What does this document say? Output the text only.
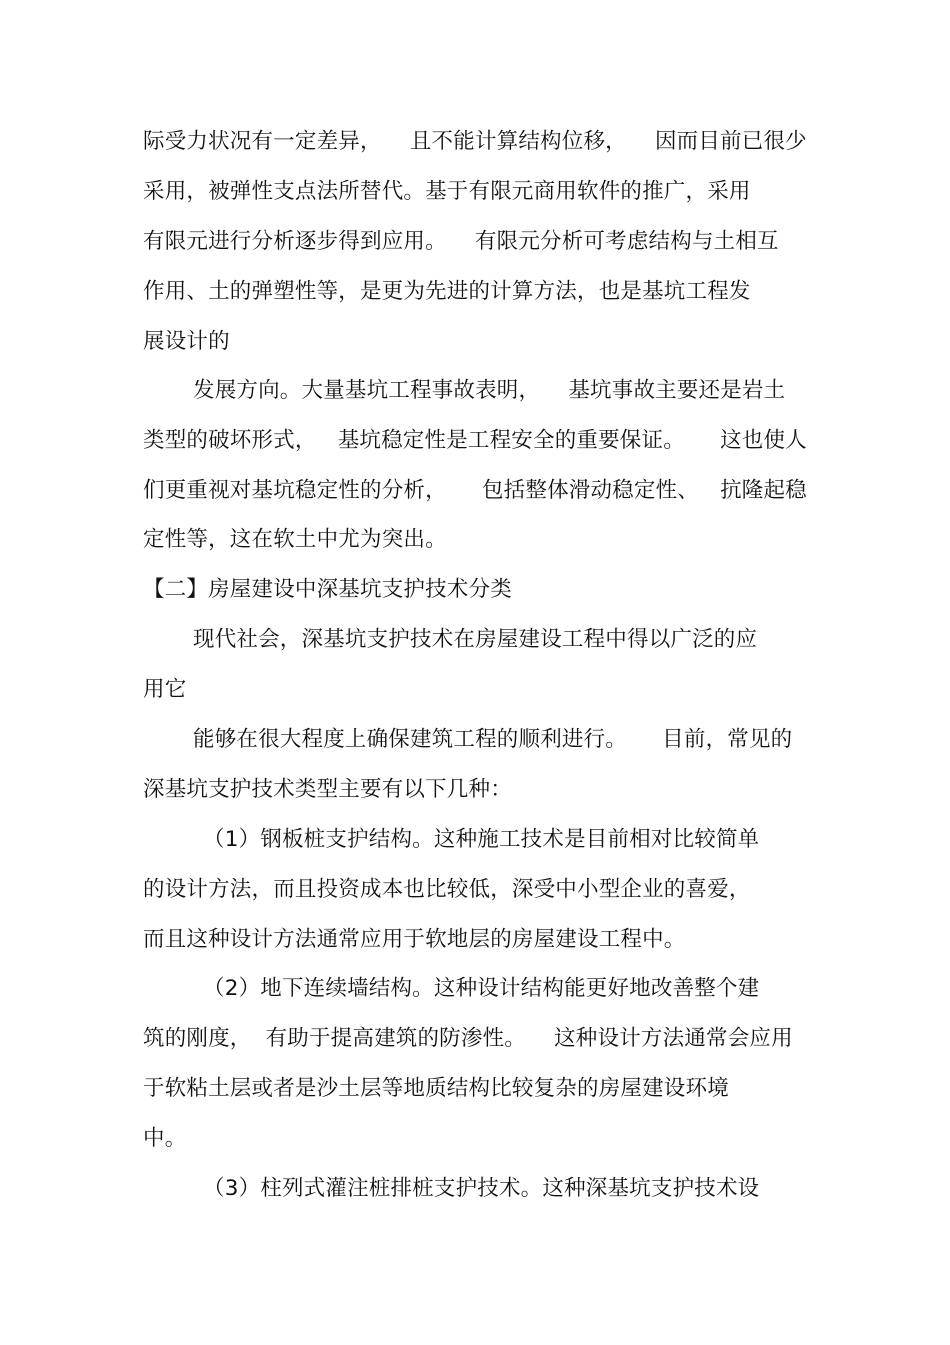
际受力状况有一定差异，    且不能计算结构位移，    因而目前已很少
采用，被弹性支点法所替代。基于有限元商用软件的推广，采用
有限元进行分析逐步得到应用。    有限元分析可考虑结构与土相互
作用、土的弹塑性等，是更为先进的计算方法，也是基坑工程发
展设计的
发展方向。大量基坑工程事故表明，    基坑事故主要还是岩土
类型的破坏形式，   基坑稳定性是工程安全的重要保证。     这也使人
们更重视对基坑稳定性的分析，     包括整体滑动稳定性、   抗隆起稳
定性等，这在软土中尤为突出。
【二】房屋建设中深基坑支护技术分类
现代社会，深基坑支护技术在房屋建设工程中得以广泛的应
用它
能够在很大程度上确保建筑工程的顺利进行。     目前，常见的
深基坑支护技术类型主要有以下几种：
（1）钢板桩支护结构。这种施工技术是目前相对比较简单
的设计方法，而且投资成本也比较低，深受中小型企业的喜爱，
而且这种设计方法通常应用于软地层的房屋建设工程中。
（2）地下连续墙结构。这种设计结构能更好地改善整个建
筑的刚度，  有助于提高建筑的防渗性。    这种设计方法通常会应用
于软粘土层或者是沙土层等地质结构比较复杂的房屋建设环境
中。
（3）柱列式灌注桩排桩支护技术。这种深基坑支护技术设
